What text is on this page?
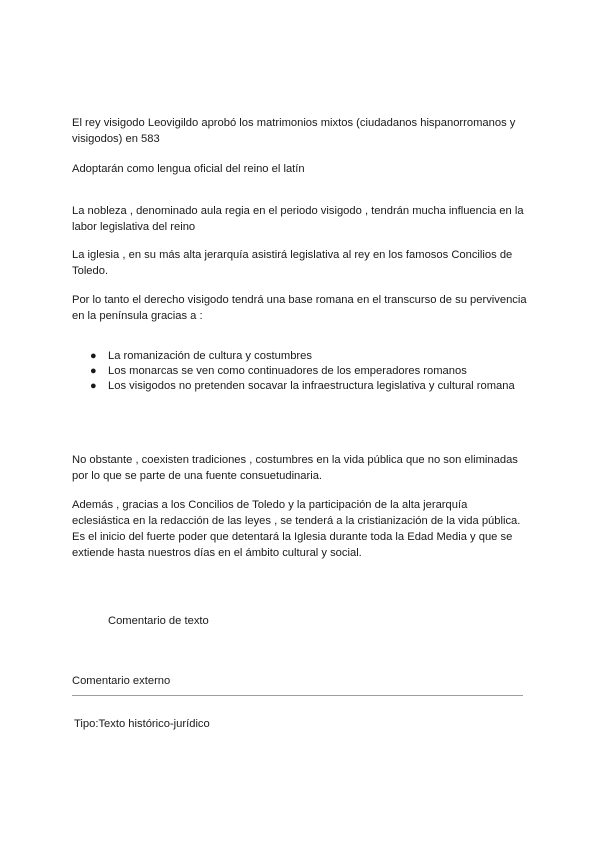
El rey visigodo Leovigildo aprobó los matrimonios mixtos (ciudadanos hispanorromanos y visigodos) en 583

Adoptarán como lengua oficial del reino el latín

La nobleza , denominado aula regia en el periodo visigodo , tendrán mucha influencia en la labor legislativa del reino

La iglesia , en su más alta jerarquía asistirá legislativa al rey en los famosos Concilios de Toledo.

Por lo tanto el derecho visigodo tendrá una base romana en el transcurso de su pervivencia en la península gracias a :

● La romanización de cultura y costumbres
● Los monarcas se ven como continuadores de los emperadores romanos
● Los visigodos no pretenden socavar la infraestructura legislativa y cultural romana

No obstante , coexisten tradiciones , costumbres en la vida pública que no son eliminadas por lo que se parte de una fuente consuetudinaria.

Además , gracias a los Concilios de Toledo y la participación de la alta jerarquía eclesiástica en la redacción de las leyes , se tenderá a la cristianización de la vida pública. Es el inicio del fuerte poder que detentará la Iglesia durante toda la Edad Media y que se extiende hasta nuestros días en el ámbito cultural y social.

Comentario de texto

Comentario externo

Tipo:Texto histórico-jurídico
